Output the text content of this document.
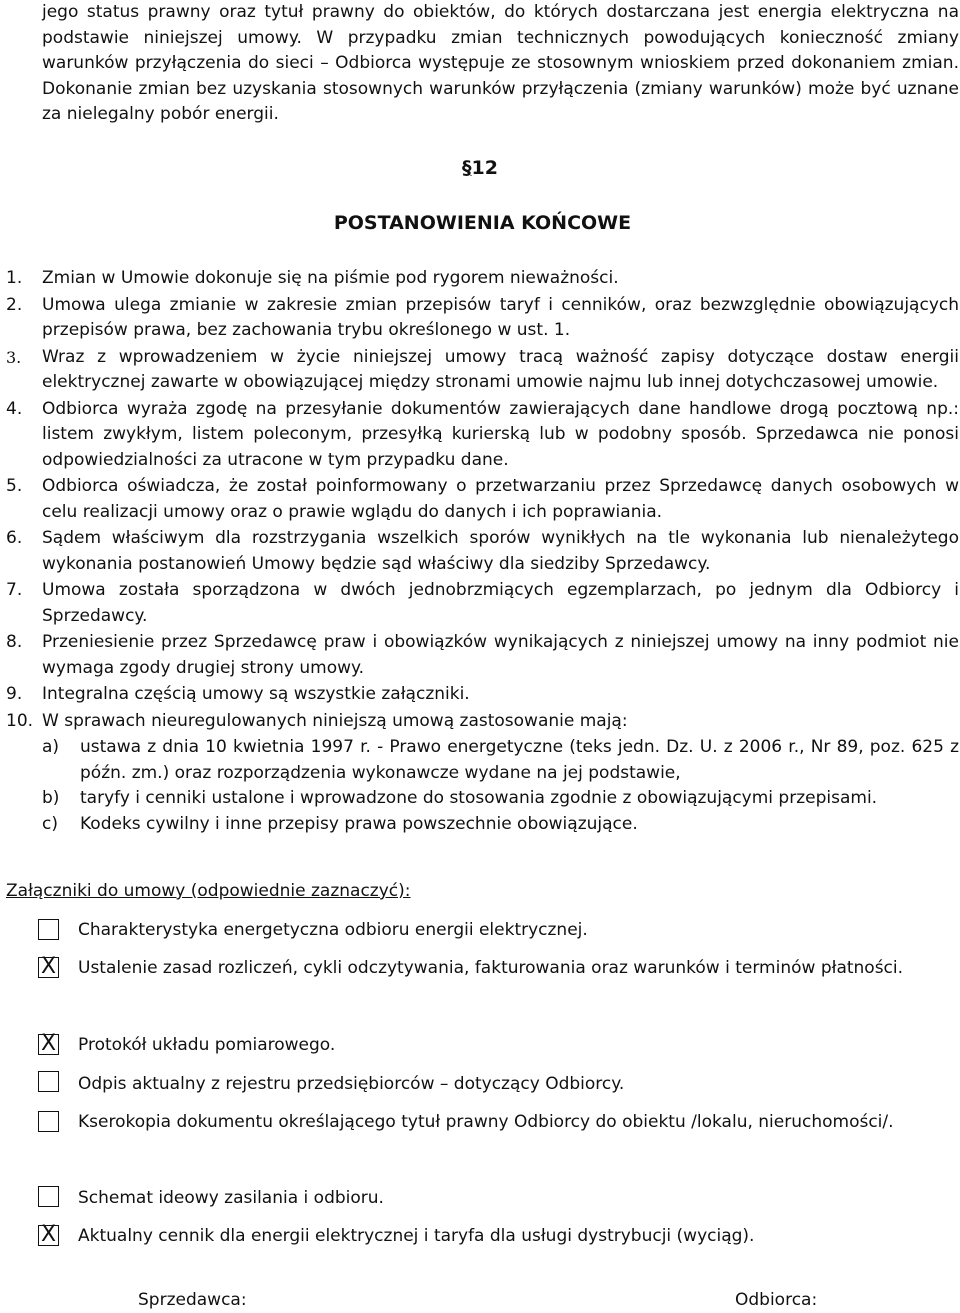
jego status prawny oraz tytuł prawny do obiektów, do których dostarczana jest energia elektryczna na podstawie niniejszej umowy. W przypadku zmian technicznych powodujących konieczność zmiany warunków przyłączenia do sieci – Odbiorca występuje ze stosownym wnioskiem przed dokonaniem zmian. Dokonanie zmian bez uzyskania stosownych warunków przyłączenia (zmiany warunków) może być uznane za nielegalny pobór energii.
§12
POSTANOWIENIA KOŃCOWE
1. Zmian w Umowie dokonuje się na piśmie pod rygorem nieważności.
2. Umowa ulega zmianie w zakresie zmian przepisów taryf i cenników, oraz bezwzględnie obowiązujących przepisów prawa, bez zachowania trybu określonego w ust. 1.
3. Wraz z wprowadzeniem w życie niniejszej umowy tracą ważność zapisy dotyczące dostaw energii elektrycznej zawarte w obowiązującej między stronami umowie najmu lub innej dotychczasowej umowie.
4. Odbiorca wyraża zgodę na przesyłanie dokumentów zawierających dane handlowe drogą pocztową np.: listem zwykłym, listem poleconym, przesyłką kurierską lub w podobny sposób. Sprzedawca nie ponosi odpowiedzialności za utracone w tym przypadku dane.
5. Odbiorca oświadcza, że został poinformowany o przetwarzaniu przez Sprzedawcę danych osobowych w celu realizacji umowy oraz o prawie wglądu do danych i ich poprawiania.
6. Sądem właściwym dla rozstrzygania wszelkich sporów wynikłych na tle wykonania lub nienależytego wykonania postanowień Umowy będzie sąd właściwy dla siedziby Sprzedawcy.
7. Umowa została sporządzona w dwóch jednobrzmiących egzemplarzach, po jednym dla Odbiorcy i Sprzedawcy.
8. Przeniesienie przez Sprzedawcę praw i obowiązków wynikających z niniejszej umowy na inny podmiot nie wymaga zgody drugiej strony umowy.
9. Integralna częścią umowy są wszystkie załączniki.
10. W sprawach nieuregulowanych niniejszą umową zastosowanie mają:
a) ustawa z dnia 10 kwietnia 1997 r. - Prawo energetyczne (teks jedn. Dz. U. z 2006 r., Nr 89, poz. 625 z późn. zm.) oraz rozporządzenia wykonawcze wydane na jej podstawie,
b) taryfy i cenniki ustalone i wprowadzone do stosowania zgodnie z obowiązującymi przepisami.
c) Kodeks cywilny i inne przepisy prawa powszechnie obowiązujące.
Załączniki do umowy (odpowiednie zaznaczyć):
Charakterystyka energetyczna odbioru energii elektrycznej.
X Ustalenie zasad rozliczeń, cykli odczytywania, fakturowania oraz warunków i terminów płatności.
X Protokół układu pomiarowego.
Odpis aktualny z rejestru przedsiębiorców – dotyczący Odbiorcy.
Kserokopia dokumentu określającego tytuł prawny Odbiorcy do obiektu /lokalu, nieruchomości/.
Schemat ideowy zasilania i odbioru.
X Aktualny cennik dla energii elektrycznej i taryfa dla usługi dystrybucji (wyciąg).
Sprzedawca:	Odbiorca:
